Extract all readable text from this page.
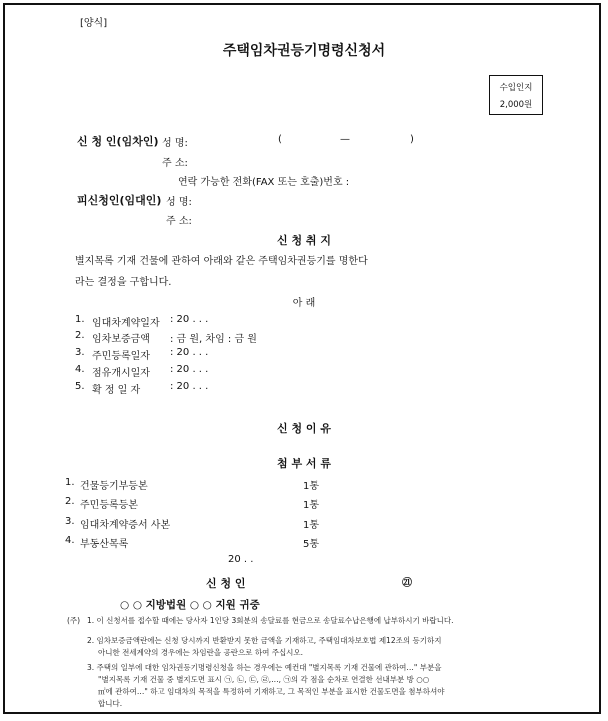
[양식]
주택임차권등기명령신청서
수입인지
2,000원
신 청 인(임차인) 성 명:	(	—	)
주 소:
연락 가능한 전화(FAX 또는 호출)번호 :
피신청인(임대인) 성 명:
주 소:
신 청 취 지
별지목록 기재 건물에 관하여 아래와 같은 주택임차권등기를 명한다
라는 결정을 구합니다.
아 래
1. 임대차계약일자 : 20 . . .
2. 임차보증금액 : 금 원, 차임 : 금 원
3. 주민등록일자 : 20 . . .
4. 점유개시일자 : 20 . . .
5. 확 정 일 자	: 20 . . .
신 청 이 유
첨 부 서 류
1. 건물등기부등본	1통
2. 주민등록등본	1통
3. 임대차계약증서 사본	1통
4. 부동산목록	5통
20 . .
신 청 인	㉑
○ ○ 지방법원 ○ ○ 지원 귀중
(주) 1. 이 신청서를 접수할 때에는 당사자 1인당 3회분의 송달료를 현금으로 송달료수납은행에 납부하시기 바랍니다.
2. 임차보증금액란에는 신청 당시까지 반환받지 못한 금액을 기재하고, 주택임대차보호법 제12조의 등기하지
아니한 전세계약의 경우에는 차임란을 공란으로 하여 주십시오.
3. 주택의 일부에 대한 임차권등기명령신청을 하는 경우에는 예컨대 "별지목록 기재 건물에 관하여…" 부분을
"별지목록 기재 건물 중 별지도면 표시 ㉠, ㉡, ㉢, ㉣,…, ㉠의 각 점을 순차로 연결한 선내부분 방 ○○
㎡에 관하여…" 하고 임대차의 목적을 특정하여 기재하고, 그 목적인 부분을 표시한 건물도면을 첨부하셔야
합니다.
